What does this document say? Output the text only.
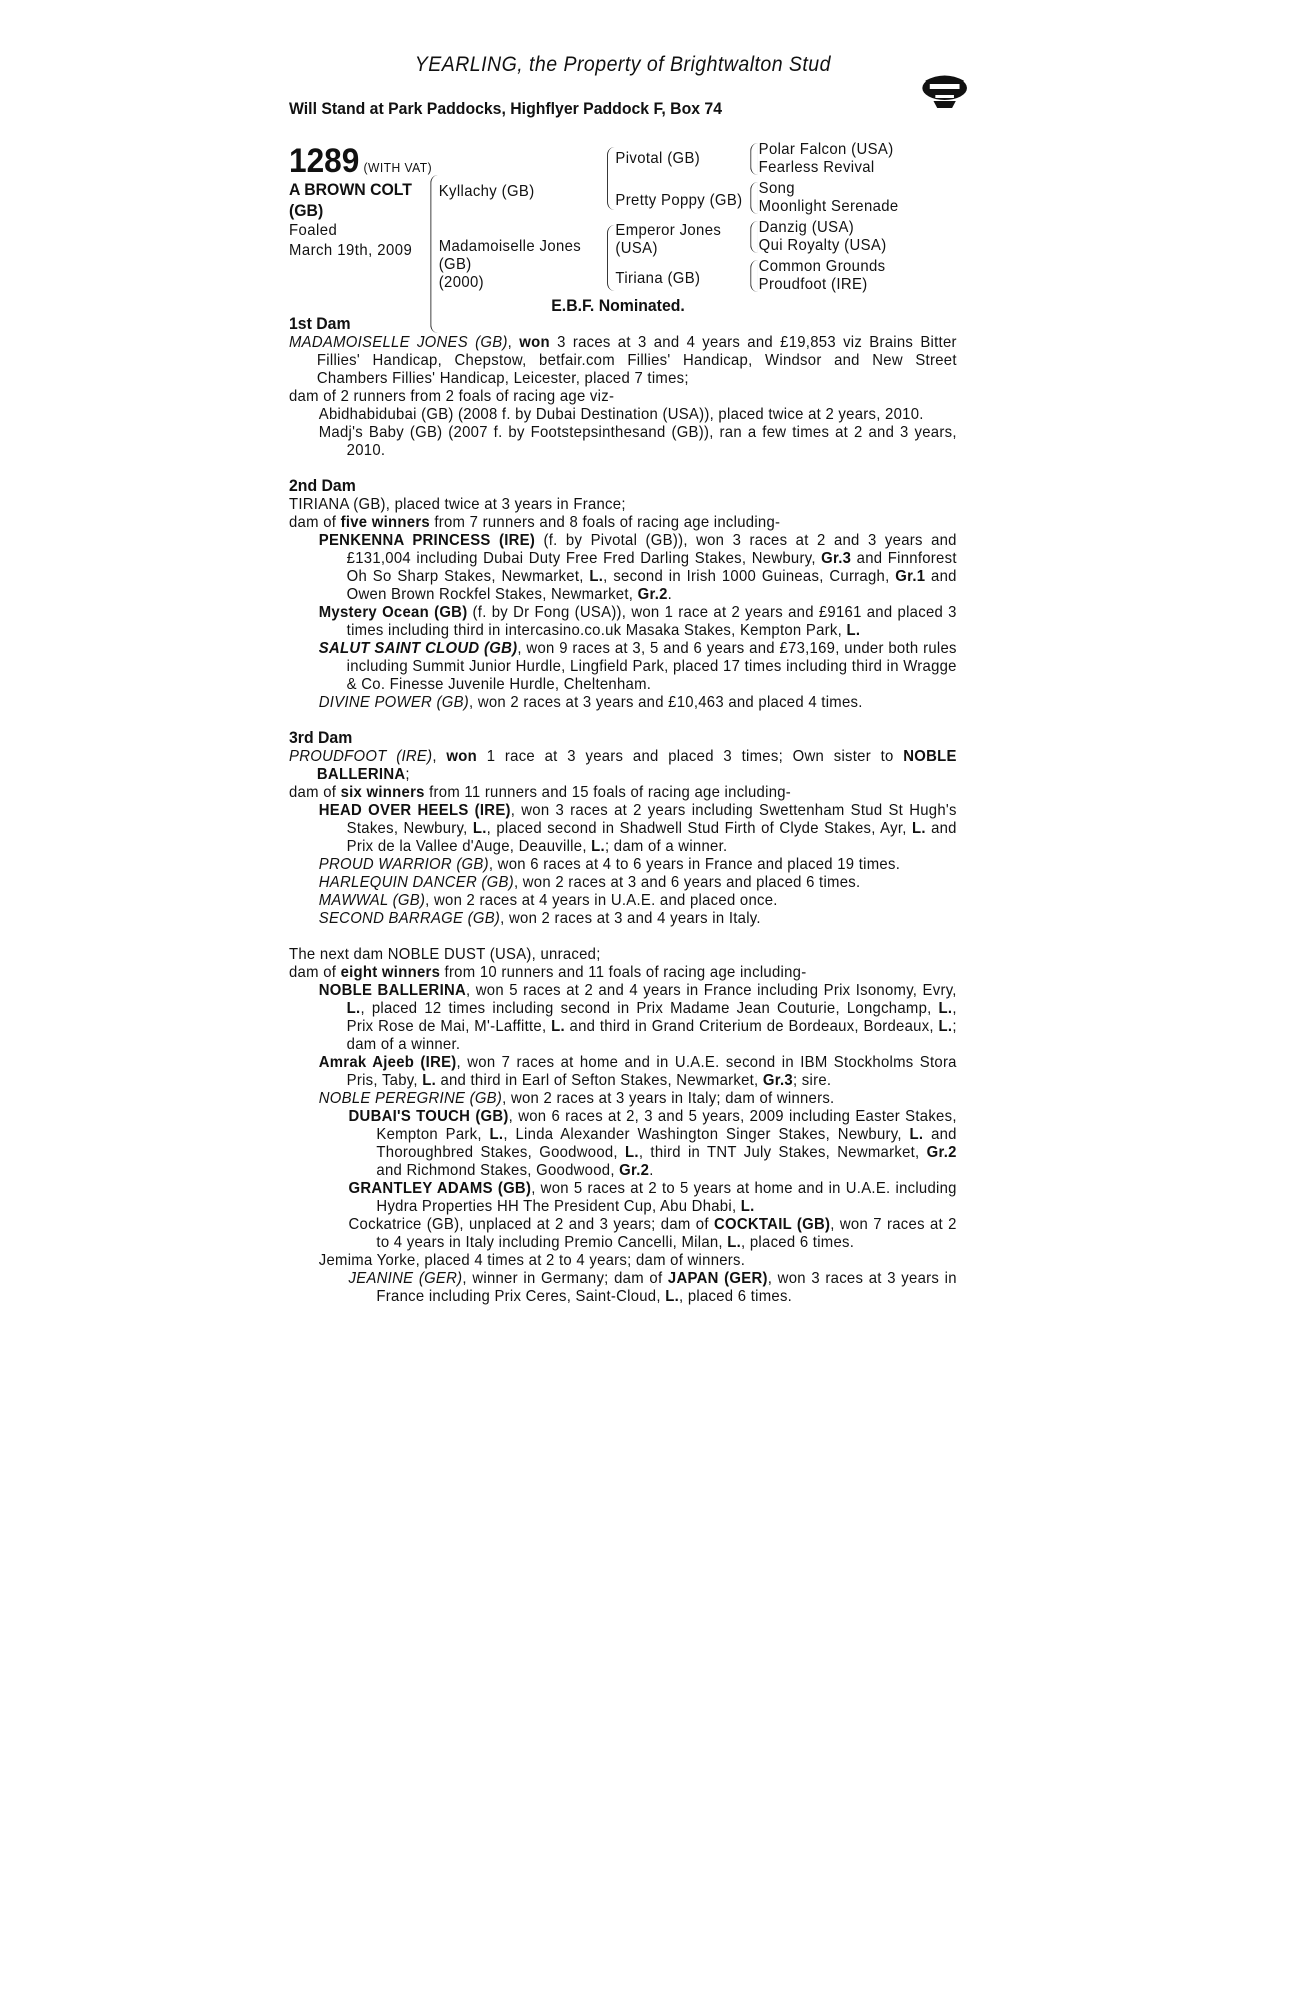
YEARLING, the Property of Brightwalton Stud
Will Stand at Park Paddocks, Highflyer Paddock F, Box 74
1289 (WITH VAT)
A BROWN COLT
(GB)
Foaled
March 19th, 2009
Kyllachy (GB)
Madamoiselle Jones
(GB)
(2000)
Pivotal (GB)
Pretty Poppy (GB)
Emperor Jones
(USA)
Tiriana (GB)
Polar Falcon (USA)
Fearless Revival
Song
Moonlight Serenade
Danzig (USA)
Qui Royalty (USA)
Common Grounds
Proudfoot (IRE)
E.B.F. Nominated.
1st Dam
MADAMOISELLE JONES (GB), won 3 races at 3 and 4 years and £19,853 viz Brains Bitter Fillies' Handicap, Chepstow, betfair.com Fillies' Handicap, Windsor and New Street Chambers Fillies' Handicap, Leicester, placed 7 times;
dam of 2 runners from 2 foals of racing age viz-
Abidhabidubai (GB) (2008 f. by Dubai Destination (USA)), placed twice at 2 years, 2010.
Madj's Baby (GB) (2007 f. by Footstepsinthesand (GB)), ran a few times at 2 and 3 years, 2010.
2nd Dam
TIRIANA (GB), placed twice at 3 years in France;
dam of five winners from 7 runners and 8 foals of racing age including-
PENKENNA PRINCESS (IRE) (f. by Pivotal (GB)), won 3 races at 2 and 3 years and £131,004 including Dubai Duty Free Fred Darling Stakes, Newbury, Gr.3 and Finnforest Oh So Sharp Stakes, Newmarket, L., second in Irish 1000 Guineas, Curragh, Gr.1 and Owen Brown Rockfel Stakes, Newmarket, Gr.2.
Mystery Ocean (GB) (f. by Dr Fong (USA)), won 1 race at 2 years and £9161 and placed 3 times including third in intercasino.co.uk Masaka Stakes, Kempton Park, L.
SALUT SAINT CLOUD (GB), won 9 races at 3, 5 and 6 years and £73,169, under both rules including Summit Junior Hurdle, Lingfield Park, placed 17 times including third in Wragge & Co. Finesse Juvenile Hurdle, Cheltenham.
DIVINE POWER (GB), won 2 races at 3 years and £10,463 and placed 4 times.
3rd Dam
PROUDFOOT (IRE), won 1 race at 3 years and placed 3 times; Own sister to NOBLE BALLERINA;
dam of six winners from 11 runners and 15 foals of racing age including-
HEAD OVER HEELS (IRE), won 3 races at 2 years including Swettenham Stud St Hugh's Stakes, Newbury, L., placed second in Shadwell Stud Firth of Clyde Stakes, Ayr, L. and Prix de la Vallee d'Auge, Deauville, L.; dam of a winner.
PROUD WARRIOR (GB), won 6 races at 4 to 6 years in France and placed 19 times.
HARLEQUIN DANCER (GB), won 2 races at 3 and 6 years and placed 6 times.
MAWWAL (GB), won 2 races at 4 years in U.A.E. and placed once.
SECOND BARRAGE (GB), won 2 races at 3 and 4 years in Italy.
The next dam NOBLE DUST (USA), unraced;
dam of eight winners from 10 runners and 11 foals of racing age including-
NOBLE BALLERINA, won 5 races at 2 and 4 years in France including Prix Isonomy, Evry, L., placed 12 times including second in Prix Madame Jean Couturie, Longchamp, L., Prix Rose de Mai, M'-Laffitte, L. and third in Grand Criterium de Bordeaux, Bordeaux, L.; dam of a winner.
Amrak Ajeeb (IRE), won 7 races at home and in U.A.E. second in IBM Stockholms Stora Pris, Taby, L. and third in Earl of Sefton Stakes, Newmarket, Gr.3; sire.
NOBLE PEREGRINE (GB), won 2 races at 3 years in Italy; dam of winners.
DUBAI'S TOUCH (GB), won 6 races at 2, 3 and 5 years, 2009 including Easter Stakes, Kempton Park, L., Linda Alexander Washington Singer Stakes, Newbury, L. and Thoroughbred Stakes, Goodwood, L., third in TNT July Stakes, Newmarket, Gr.2 and Richmond Stakes, Goodwood, Gr.2.
GRANTLEY ADAMS (GB), won 5 races at 2 to 5 years at home and in U.A.E. including Hydra Properties HH The President Cup, Abu Dhabi, L.
Cockatrice (GB), unplaced at 2 and 3 years; dam of COCKTAIL (GB), won 7 races at 2 to 4 years in Italy including Premio Cancelli, Milan, L., placed 6 times.
Jemima Yorke, placed 4 times at 2 to 4 years; dam of winners.
JEANINE (GER), winner in Germany; dam of JAPAN (GER), won 3 races at 3 years in France including Prix Ceres, Saint-Cloud, L., placed 6 times.
